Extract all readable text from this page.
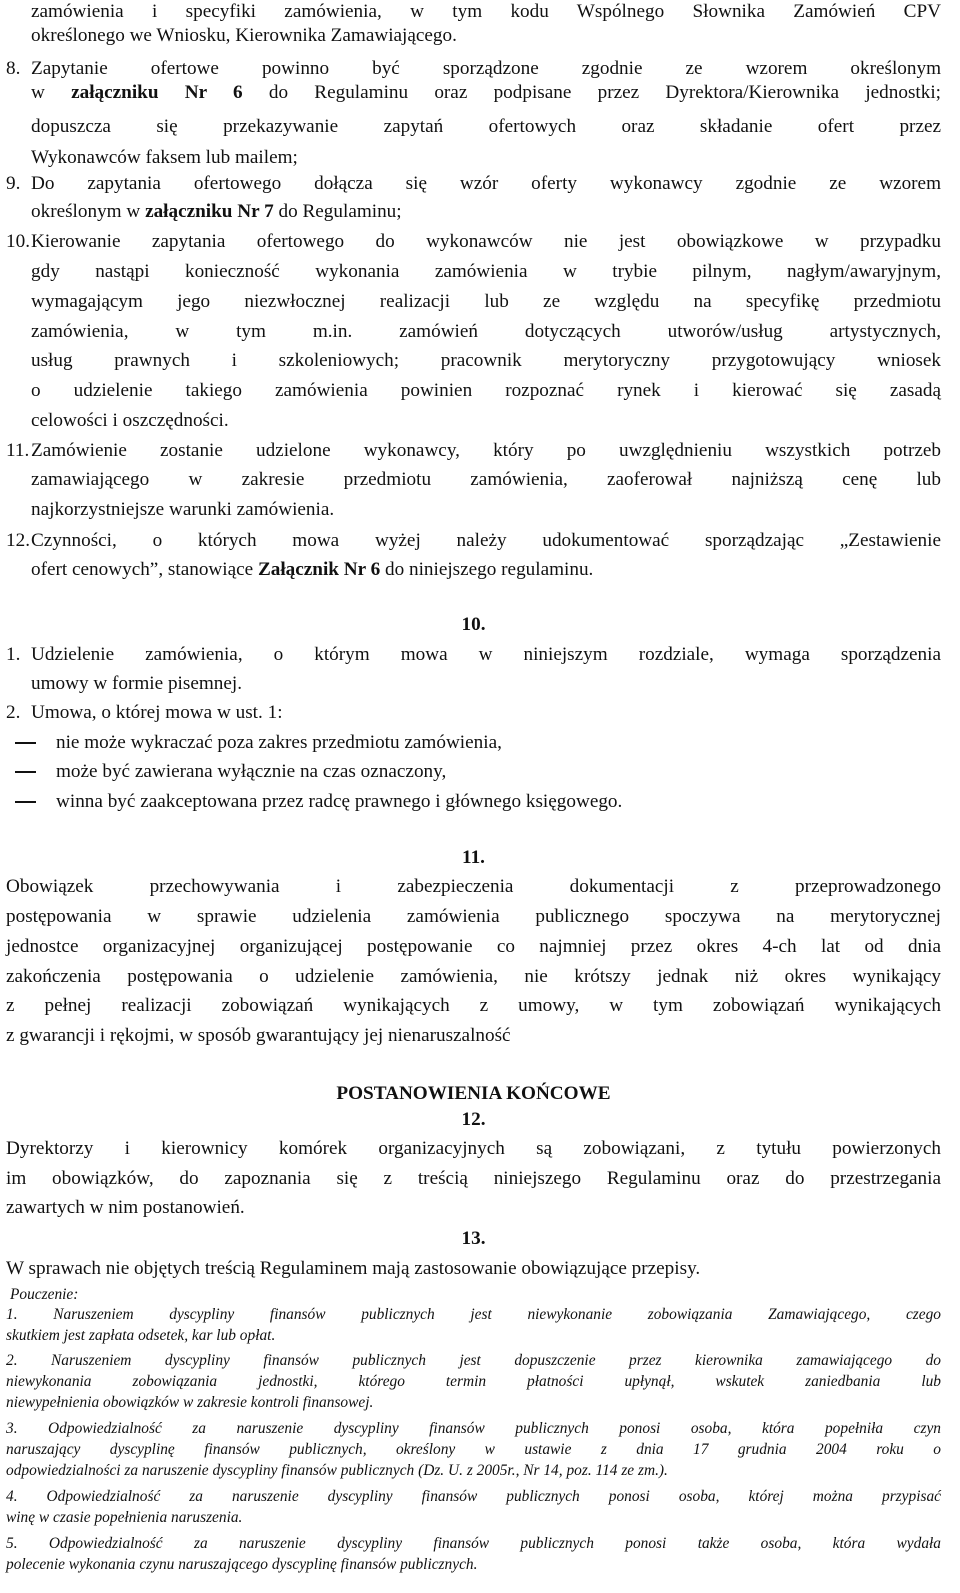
zamówienia i specyfiki zamówienia, w tym kodu Wspólnego Słownika Zamówień CPV
określonego we Wniosku, Kierownika Zamawiającego.
8. Zapytanie ofertowe powinno być sporządzone zgodnie ze wzorem określonym
w załączniku Nr 6 do Regulaminu oraz podpisane przez Dyrektora/Kierownika jednostki;
dopuszcza się przekazywanie zapytań ofertowych oraz składanie ofert przez
Wykonawców faksem lub mailem;
9. Do zapytania ofertowego dołącza się wzór oferty wykonawcy zgodnie ze wzorem
określonym w załączniku Nr 7 do Regulaminu;
10. Kierowanie zapytania ofertowego do wykonawców nie jest obowiązkowe w przypadku
gdy nastąpi konieczność wykonania zamówienia w trybie pilnym, nagłym/awaryjnym,
wymagającym jego niezwłocznej realizacji lub ze względu na specyfikę przedmiotu
zamówienia, w tym m.in. zamówień dotyczących utworów/usług artystycznych,
usług prawnych i szkoleniowych; pracownik merytoryczny przygotowujący wniosek
o udzielenie takiego zamówienia powinien rozpoznać rynek i kierować się zasadą
celowości i oszczędności.
11. Zamówienie zostanie udzielone wykonawcy, który po uwzględnieniu wszystkich potrzeb
zamawiającego w zakresie przedmiotu zamówienia, zaoferował najniższą cenę lub
najkorzystniejsze warunki zamówienia.
12. Czynności, o których mowa wyżej należy udokumentować sporządzając „Zestawienie
ofert cenowych”, stanowiące Załącznik Nr 6 do niniejszego regulaminu.
10.
1. Udzielenie zamówienia, o którym mowa w niniejszym rozdziale, wymaga sporządzenia
umowy w formie pisemnej.
2. Umowa, o której mowa w ust. 1:
nie może wykraczać poza zakres przedmiotu zamówienia,
może być zawierana wyłącznie na czas oznaczony,
winna być zaakceptowana przez radcę prawnego i głównego księgowego.
11.
Obowiązek przechowywania i zabezpieczenia dokumentacji z przeprowadzonego
postępowania w sprawie udzielenia zamówienia publicznego spoczywa na merytorycznej
jednostce organizacyjnej organizującej postępowanie co najmniej przez okres 4-ch lat od dnia
zakończenia postępowania o udzielenie zamówienia, nie krótszy jednak niż okres wynikający
z pełnej realizacji zobowiązań wynikających z umowy, w tym zobowiązań wynikających
z gwarancji i rękojmi, w sposób gwarantujący jej nienaruszalność
POSTANOWIENIA KOŃCOWE
12.
Dyrektorzy i kierownicy komórek organizacyjnych są zobowiązani, z tytułu powierzonych
im obowiązków, do zapoznania się z treścią niniejszego Regulaminu oraz do przestrzegania
zawartych w nim postanowień.
13.
W sprawach nie objętych treścią Regulaminem mają zastosowanie obowiązujące przepisy.
Pouczenie:
1. Naruszeniem dyscypliny finansów publicznych jest niewykonanie zobowiązania Zamawiającego, czego
skutkiem jest zapłata odsetek, kar lub opłat.
2. Naruszeniem dyscypliny finansów publicznych jest dopuszczenie przez kierownika zamawiającego do
niewykonania zobowiązania jednostki, którego termin płatności upłynął, wskutek zaniedbania lub
niewypełnienia obowiązków w zakresie kontroli finansowej.
3. Odpowiedzialność za naruszenie dyscypliny finansów publicznych ponosi osoba, która popełniła czyn
naruszający dyscyplinę finansów publicznych, określony w ustawie z dnia 17 grudnia 2004 roku o
odpowiedzialności za naruszenie dyscypliny finansów publicznych (Dz. U. z 2005r., Nr 14, poz. 114 ze zm.).
4. Odpowiedzialność za naruszenie dyscypliny finansów publicznych ponosi osoba, której można przypisać
winę w czasie popełnienia naruszenia.
5. Odpowiedzialność za naruszenie dyscypliny finansów publicznych ponosi także osoba, która wydała
polecenie wykonania czynu naruszającego dyscyplinę finansów publicznych.
